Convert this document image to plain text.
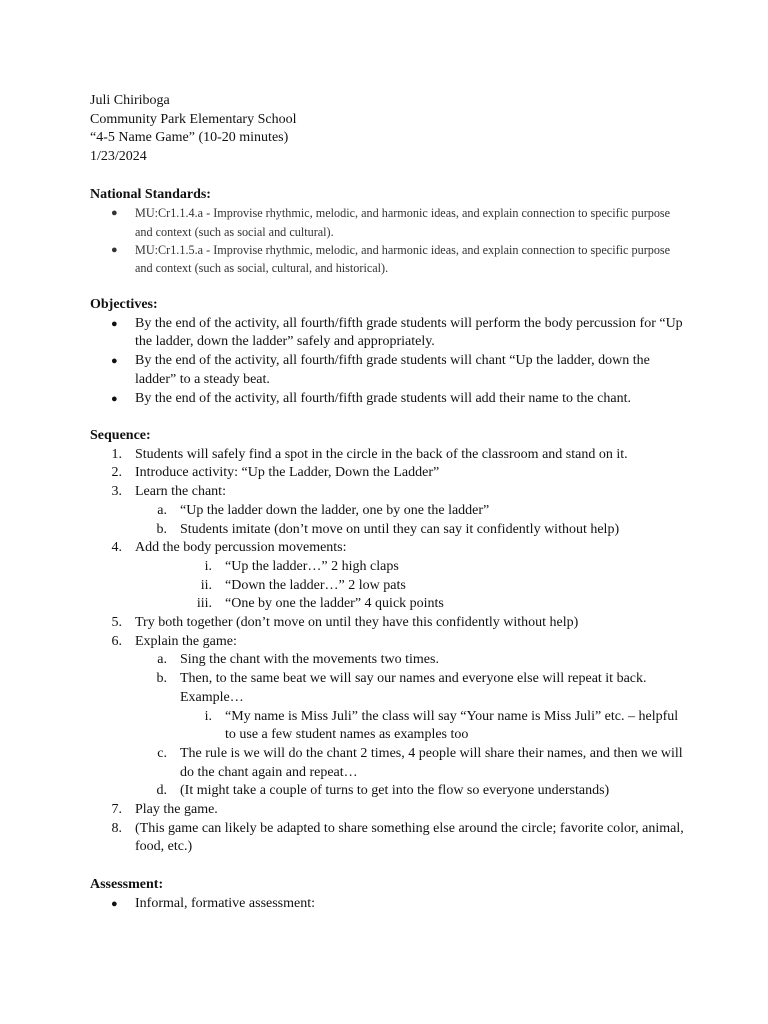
Juli Chiriboga

Community Park Elementary School

“4-5 Name Game” (10-20 minutes)

1/23/2024

National Standards:

● MU:Cr1.1.4.a - Improvise rhythmic, melodic, and harmonic ideas, and explain connection to specific purpose and context (such as social and cultural).
● MU:Cr1.1.5.a - Improvise rhythmic, melodic, and harmonic ideas, and explain connection to specific purpose and context (such as social, cultural, and historical).

Objectives:

● By the end of the activity, all fourth/fifth grade students will perform the body percussion for “Up the ladder, down the ladder” safely and appropriately.
● By the end of the activity, all fourth/fifth grade students will chant “Up the ladder, down the ladder” to a steady beat.
● By the end of the activity, all fourth/fifth grade students will add their name to the chant.

Sequence:

1. Students will safely find a spot in the circle in the back of the classroom and stand on it.
2. Introduce activity: “Up the Ladder, Down the Ladder”
3. Learn the chant:
a. “Up the ladder down the ladder, one by one the ladder”
b. Students imitate (don’t move on until they can say it confidently without help)
4. Add the body percussion movements:
i. “Up the ladder…” 2 high claps
ii. “Down the ladder…” 2 low pats
iii. “One by one the ladder” 4 quick points
5. Try both together (don’t move on until they have this confidently without help)
6. Explain the game:
a. Sing the chant with the movements two times.
b. Then, to the same beat we will say our names and everyone else will repeat it back. Example…
i. “My name is Miss Juli” the class will say “Your name is Miss Juli” etc. – helpful to use a few student names as examples too
c. The rule is we will do the chant 2 times, 4 people will share their names, and then we will do the chant again and repeat…
d. (It might take a couple of turns to get into the flow so everyone understands)
7. Play the game.
8. (This game can likely be adapted to share something else around the circle; favorite color, animal, food, etc.)

Assessment:

● Informal, formative assessment:
